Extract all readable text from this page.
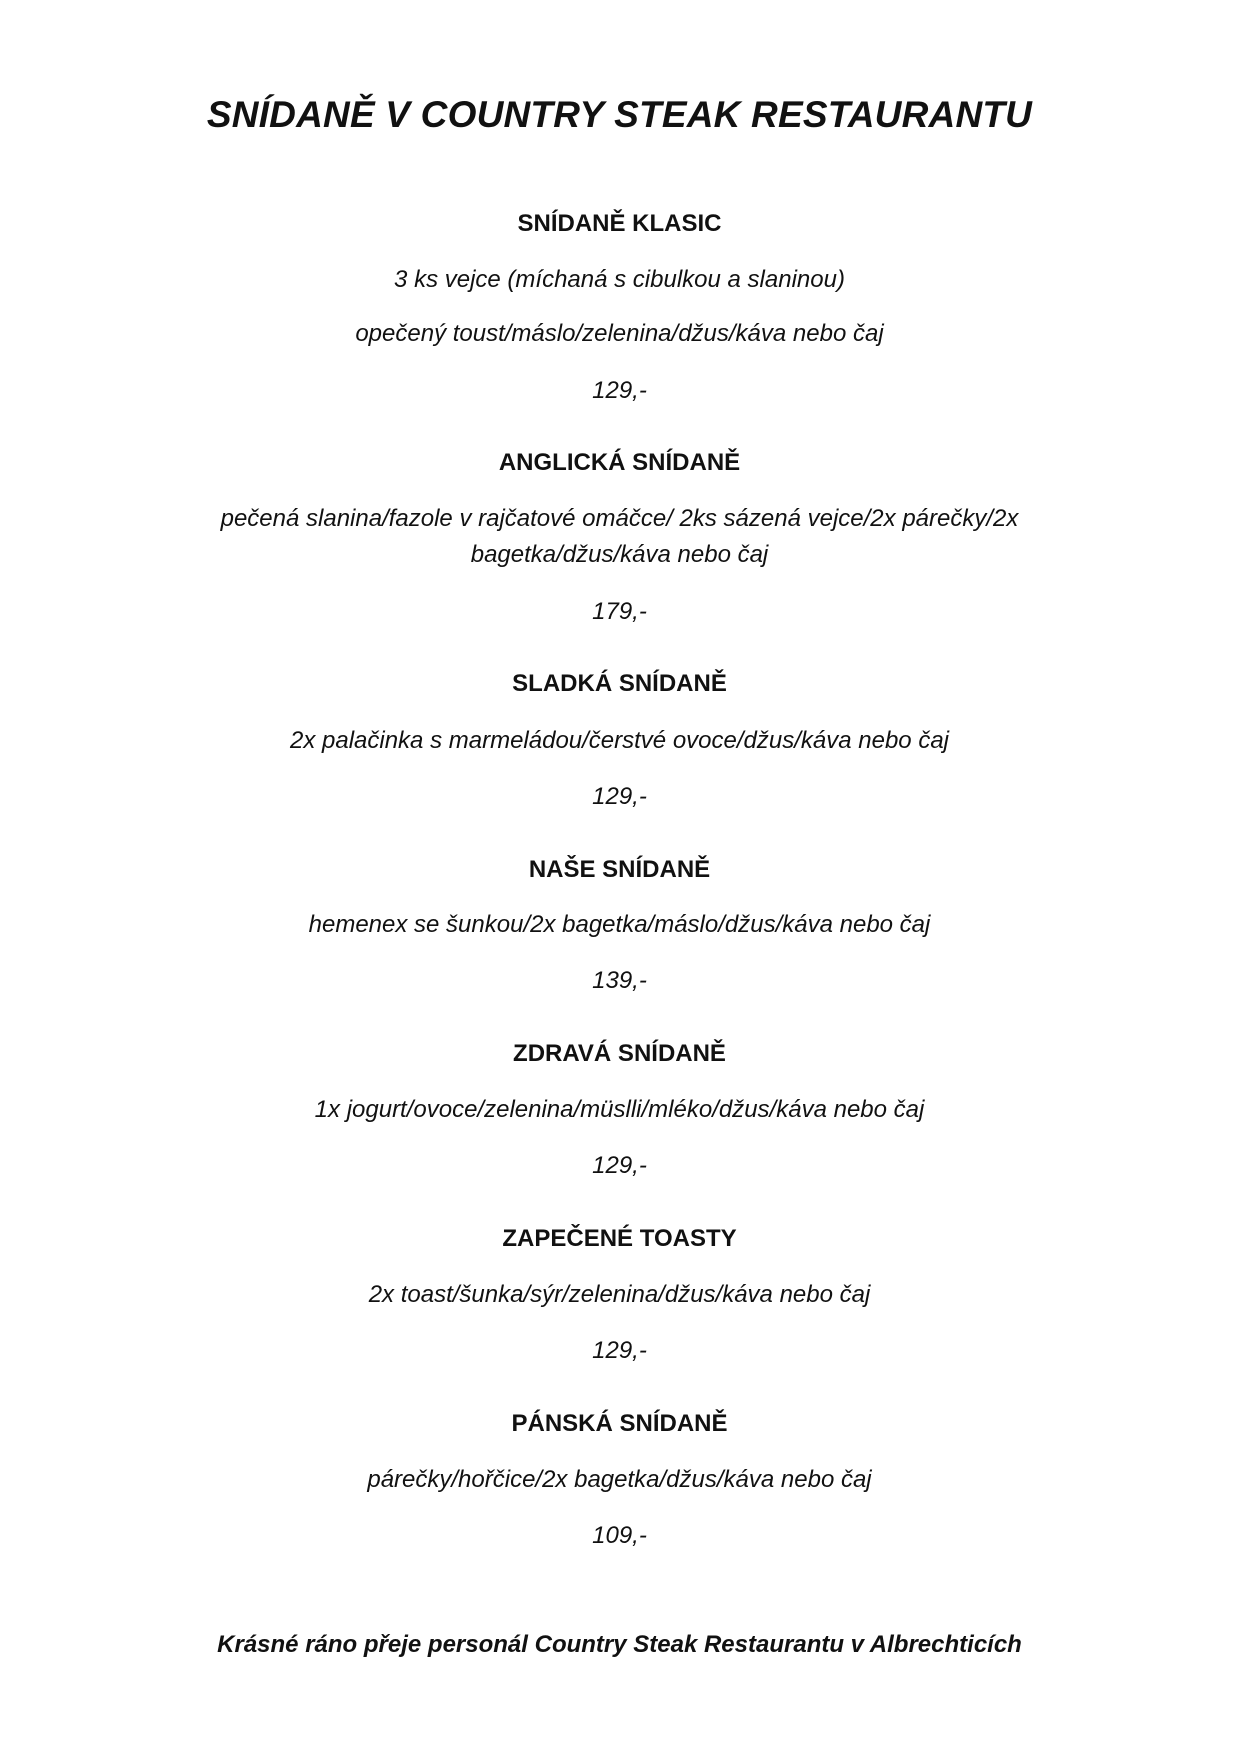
SNÍDANĚ V COUNTRY STEAK RESTAURANTU
SNÍDANĚ KLASIC
3 ks vejce (míchaná s cibulkou a slaninou)
opečený toust/máslo/zelenina/džus/káva nebo čaj
129,-
ANGLICKÁ SNÍDANĚ
pečená slanina/fazole v rajčatové omáčce/ 2ks sázená vejce/2x párečky/2x
bagetka/džus/káva nebo čaj
179,-
SLADKÁ SNÍDANĚ
2x palačinka s marmeládou/čerstvé ovoce/džus/káva nebo čaj
129,-
NAŠE SNÍDANĚ
hemenex se šunkou/2x bagetka/máslo/džus/káva nebo čaj
139,-
ZDRAVÁ SNÍDANĚ
1x jogurt/ovoce/zelenina/müslli/mléko/džus/káva nebo čaj
129,-
ZAPEČENÉ TOASTY
2x toast/šunka/sýr/zelenina/džus/káva nebo čaj
129,-
PÁNSKÁ SNÍDANĚ
párečky/hořčice/2x bagetka/džus/káva nebo čaj
109,-
Krásné ráno přeje personál Country Steak Restaurantu v Albrechticích
